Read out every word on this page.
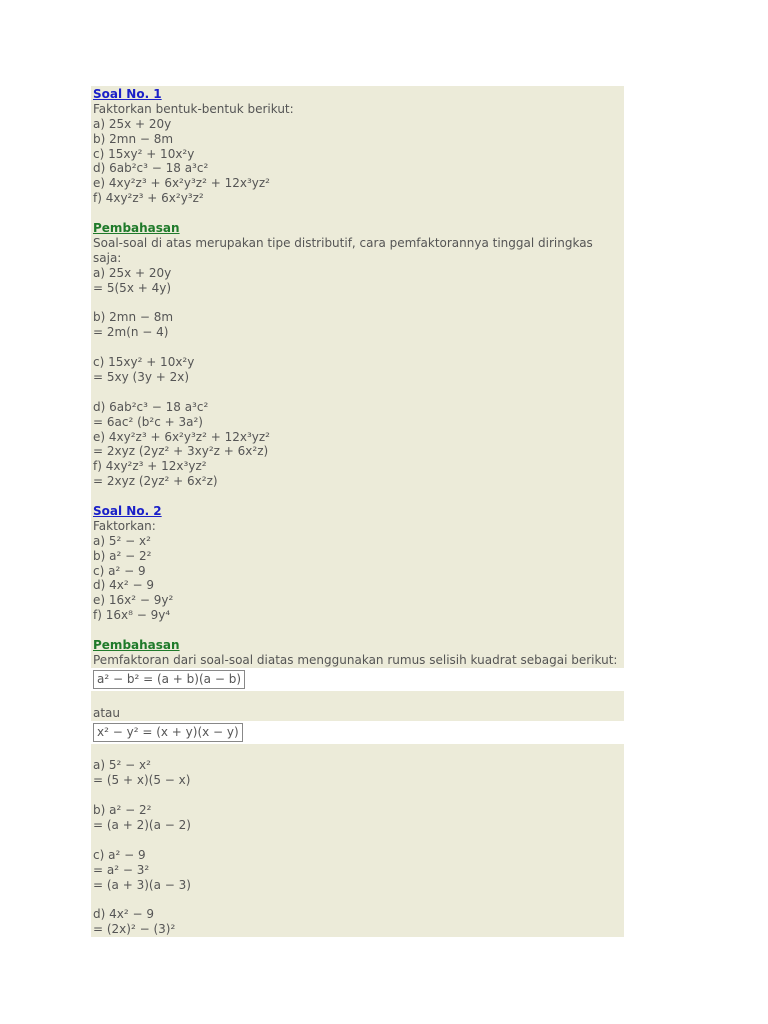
Soal No. 1
Faktorkan bentuk-bentuk berikut:
a) 25x + 20y
b) 2mn − 8m
c) 15xy² + 10x²y
d) 6ab²c³ − 18 a³c²
e) 4xy²z³ + 6x²y³z² + 12x³yz²
f) 4xy²z³ + 6x²y³z²
Pembahasan
Soal-soal di atas merupakan tipe distributif, cara pemfaktorannya tinggal diringkas saja:
a) 25x + 20y
= 5(5x + 4y)
b) 2mn − 8m
= 2m(n − 4)
c) 15xy² + 10x²y
= 5xy (3y + 2x)
d) 6ab²c³ − 18 a³c²
= 6ac² (b²c + 3a²)
e) 4xy²z³ + 6x²y³z² + 12x³yz²
= 2xyz (2yz² + 3xy²z + 6x²z)
f) 4xy²z³ + 12x³yz²
= 2xyz (2yz² + 6x²z)
Soal No. 2
Faktorkan:
a) 5² − x²
b) a² − 2²
c) a² − 9
d) 4x² − 9
e) 16x² − 9y²
f) 16x⁸ − 9y⁴
Pembahasan
Pemfaktoran dari soal-soal diatas menggunakan rumus selisih kuadrat sebagai berikut:
a² − b² = (a + b)(a − b)
atau
x² − y² = (x + y)(x − y)
a) 5² − x²
= (5 + x)(5 − x)
b) a² − 2²
= (a + 2)(a − 2)
c) a² − 9
= a² − 3²
= (a + 3)(a − 3)
d) 4x² − 9
= (2x)² − (3)²
